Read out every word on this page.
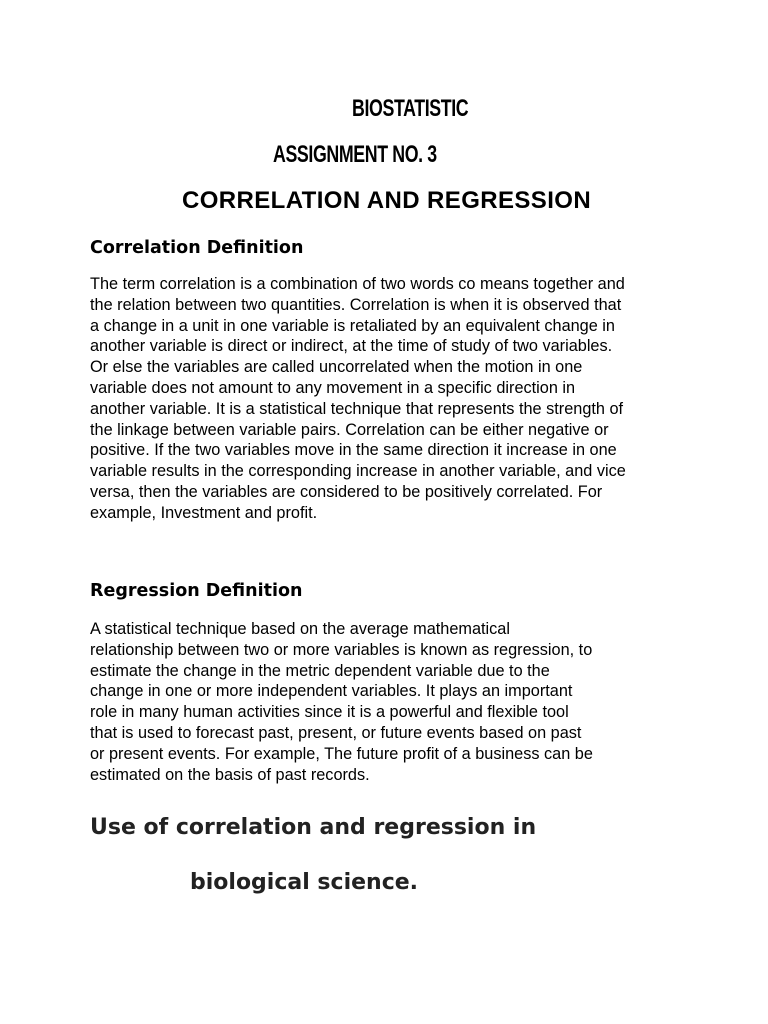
BIOSTATISTIC
ASSIGNMENT NO. 3
CORRELATION AND REGRESSION
Correlation Definition
The term correlation is a combination of two words co means together and
the relation between two quantities. Correlation is when it is observed that
a change in a unit in one variable is retaliated by an equivalent change in
another variable is direct or indirect, at the time of study of two variables.
Or else the variables are called uncorrelated when the motion in one
variable does not amount to any movement in a specific direction in
another variable. It is a statistical technique that represents the strength of
the linkage between variable pairs. Correlation can be either negative or
positive. If the two variables move in the same direction it increase in one
variable results in the corresponding increase in another variable, and vice
versa, then the variables are considered to be positively correlated. For
example, Investment and profit.
Regression Definition
A statistical technique based on the average mathematical
relationship between two or more variables is known as regression, to
estimate the change in the metric dependent variable due to the
change in one or more independent variables. It plays an important
role in many human activities since it is a powerful and flexible tool
that is used to forecast past, present, or future events based on past
or present events. For example, The future profit of a business can be
estimated on the basis of past records.
Use of correlation and regression in
biological science.
